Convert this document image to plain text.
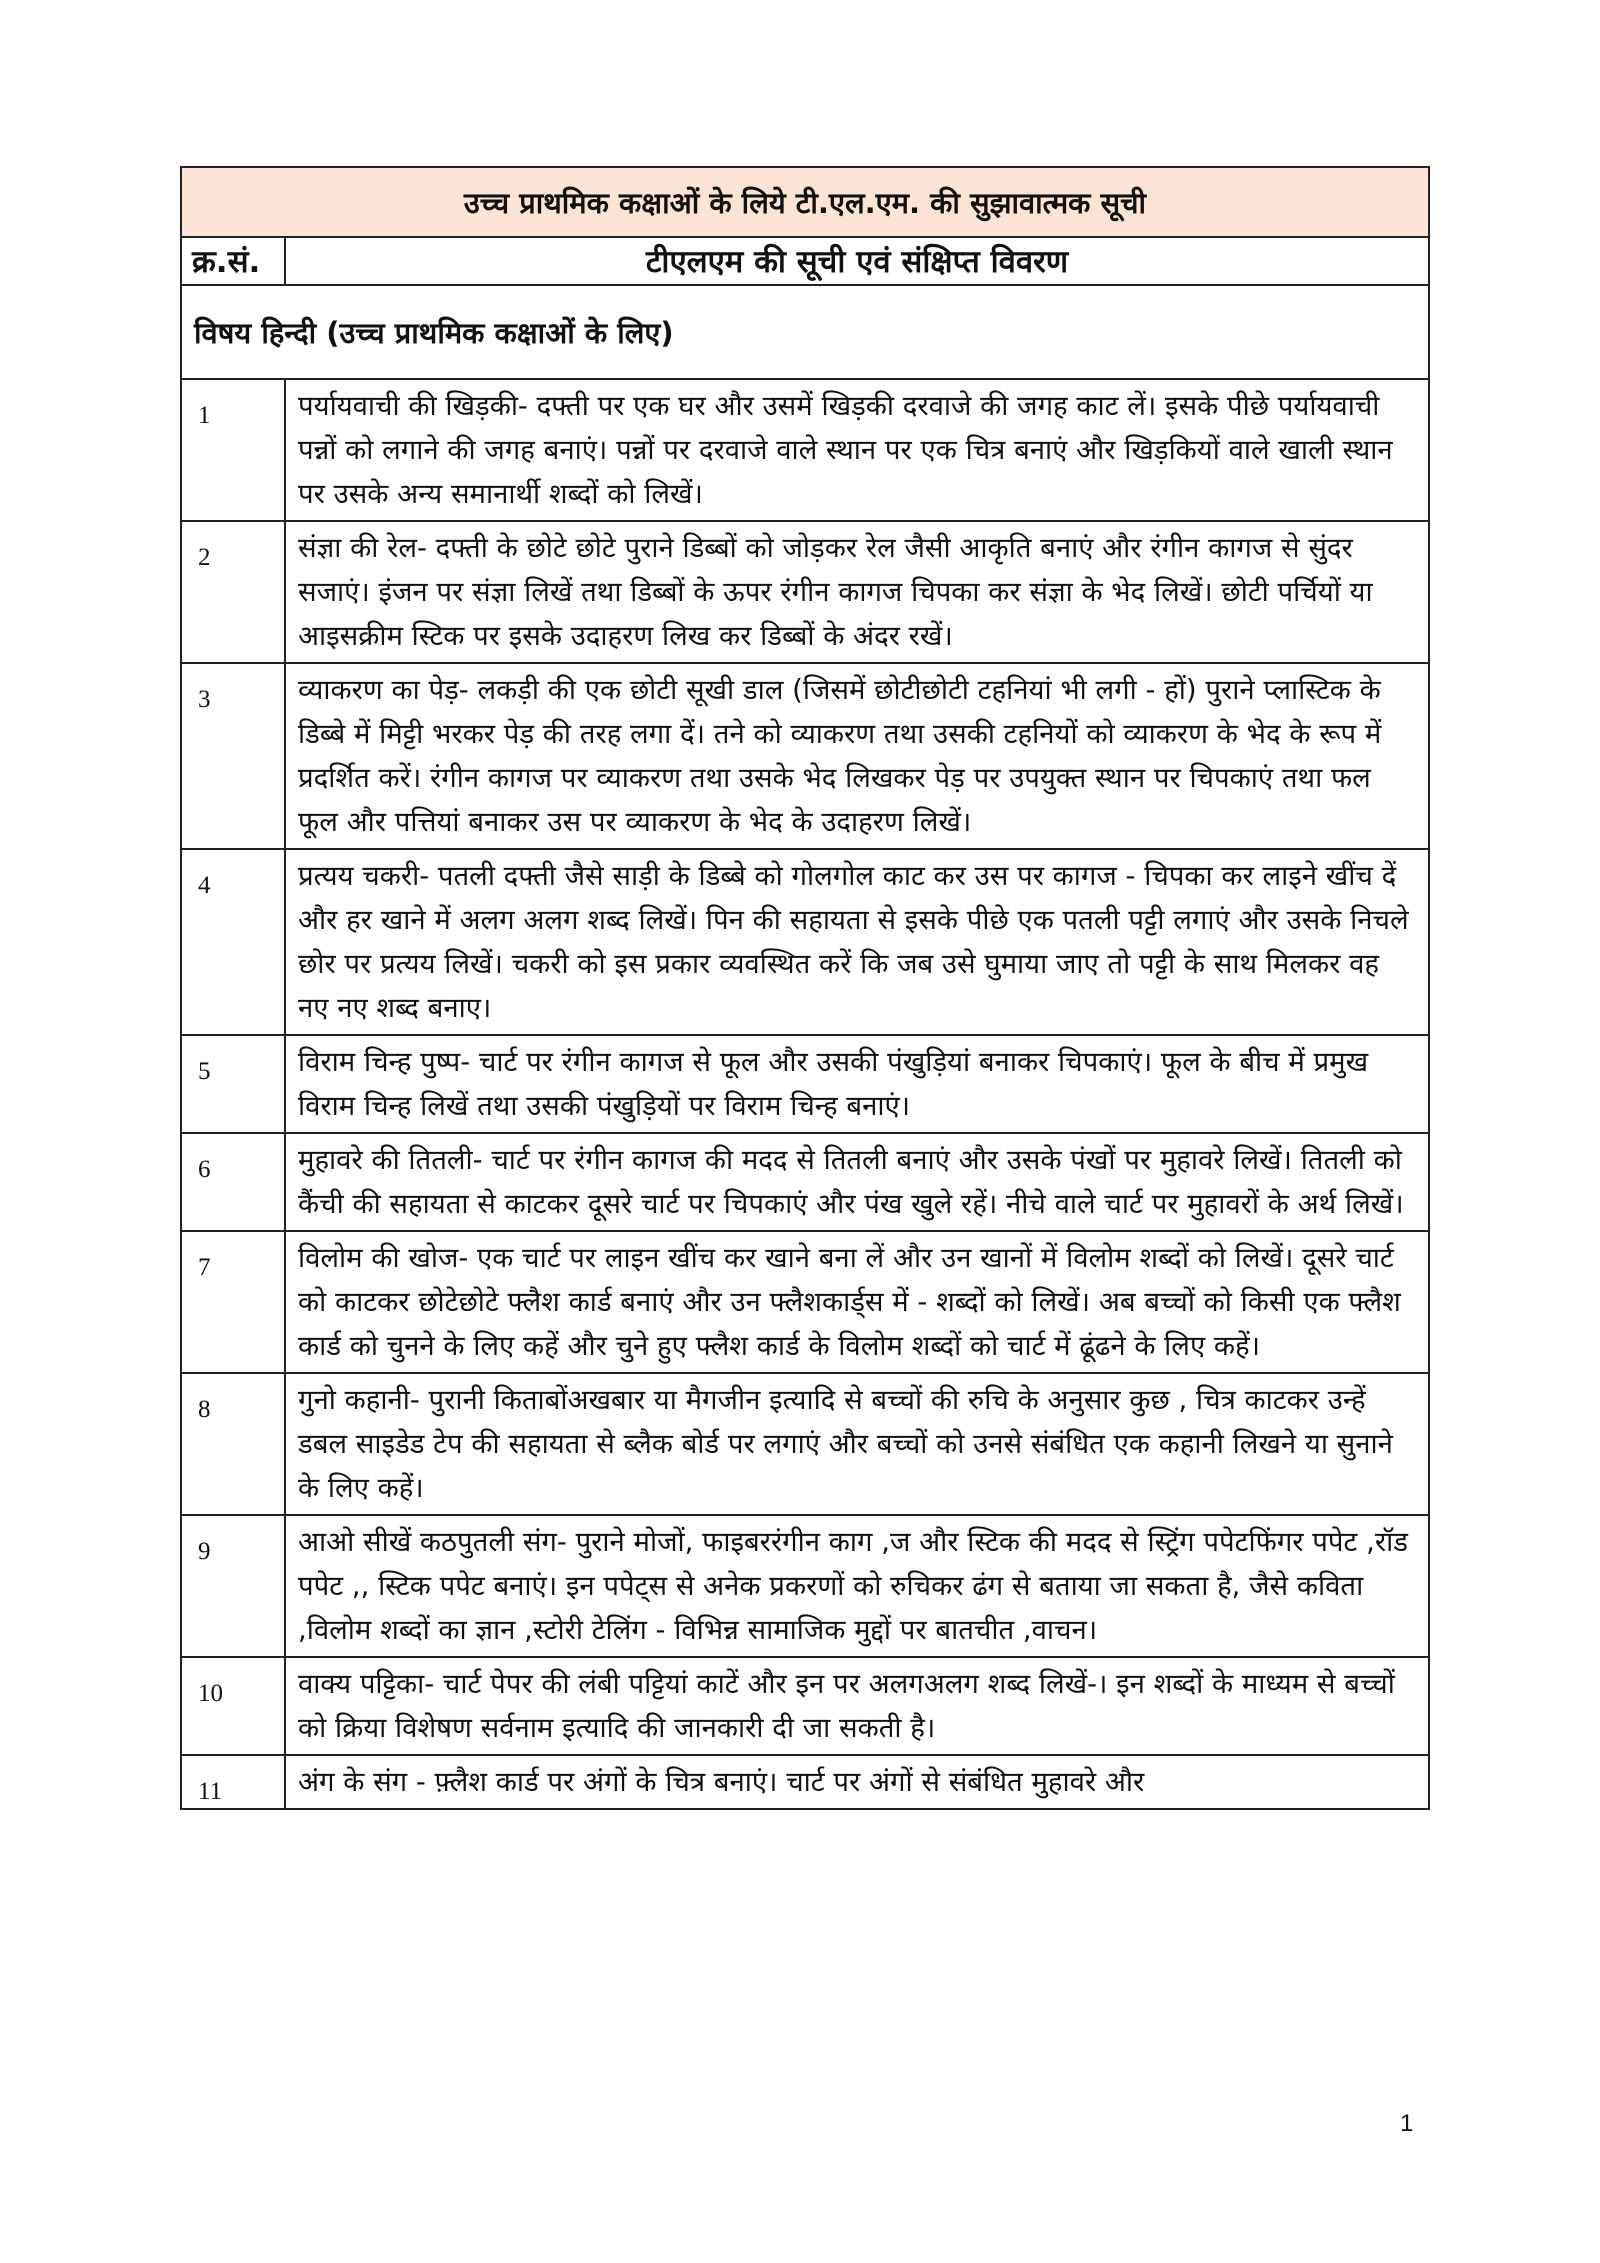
उच्च प्राथमिक कक्षाओं के लिये टी.एल.एम. की सुझावात्मक सूची	
क्र.सं.	टीएलएम की सूची एवं संक्षिप्त विवरण
विषय हिन्दी (उच्च प्राथमिक कक्षाओं के लिए)	
1	पर्यायवाची की खिड़की- दफ्ती पर एक घर और उसमें खिड़की दरवाजे की जगह काट लें। इसके पीछे पर्यायवाची पन्नों को लगाने की जगह बनाएं। पन्नों पर दरवाजे वाले स्थान पर एक चित्र बनाएं और खिड़कियों वाले खाली स्थान पर उसके अन्य समानार्थी शब्दों को लिखें।
2	संज्ञा की रेल- दफ्ती के छोटे छोटे पुराने डिब्बों को जोड़कर रेल जैसी आकृति बनाएं और रंगीन कागज से सुंदर सजाएं। इंजन पर संज्ञा लिखें तथा डिब्बों के ऊपर रंगीन कागज चिपका कर संज्ञा के भेद लिखें। छोटी पर्चियों या आइसक्रीम स्टिक पर इसके उदाहरण लिख कर डिब्बों के अंदर रखें।
3	व्याकरण का पेड़- लकड़ी की एक छोटी सूखी डाल (जिसमें छोटीछोटी टहनियां भी लगी - हों) पुराने प्लास्टिक के डिब्बे में मिट्टी भरकर पेड़ की तरह लगा दें। तने को व्याकरण तथा उसकी टहनियों को व्याकरण के भेद के रूप में प्रदर्शित करें। रंगीन कागज पर व्याकरण तथा उसके भेद लिखकर पेड़ पर उपयुक्त स्थान पर चिपकाएं तथा फल फूल और पत्तियां बनाकर उस पर व्याकरण के भेद के उदाहरण लिखें।
4	प्रत्यय चकरी- पतली दफ्ती जैसे साड़ी के डिब्बे को गोलगोल काट कर उस पर कागज - चिपका कर लाइने खींच दें और हर खाने में अलग अलग शब्द लिखें। पिन की सहायता से इसके पीछे एक पतली पट्टी लगाएं और उसके निचले छोर पर प्रत्यय लिखें। चकरी को इस प्रकार व्यवस्थित करें कि जब उसे घुमाया जाए तो पट्टी के साथ मिलकर वह नए नए शब्द बनाए।
5	विराम चिन्ह पुष्प- चार्ट पर रंगीन कागज से फूल और उसकी पंखुड़ियां बनाकर चिपकाएं। फूल के बीच में प्रमुख विराम चिन्ह लिखें तथा उसकी पंखुड़ियों पर विराम चिन्ह बनाएं।
6	मुहावरे की तितली- चार्ट पर रंगीन कागज की मदद से तितली बनाएं और उसके पंखों पर मुहावरे लिखें। तितली को कैंची की सहायता से काटकर दूसरे चार्ट पर चिपकाएं और पंख खुले रहें। नीचे वाले चार्ट पर मुहावरों के अर्थ लिखें।
7	विलोम की खोज- एक चार्ट पर लाइन खींच कर खाने बना लें और उन खानों में विलोम शब्दों को लिखें। दूसरे चार्ट को काटकर छोटेछोटे फ्लैश कार्ड बनाएं और उन फ्लैशकार्ड्स में - शब्दों को लिखें। अब बच्चों को किसी एक फ्लैश कार्ड को चुनने के लिए कहें और चुने हुए फ्लैश कार्ड के विलोम शब्दों को चार्ट में ढूंढने के लिए कहें।
8	गुनो कहानी- पुरानी किताबोंअखबार या मैगजीन इत्यादि से बच्चों की रुचि के अनुसार कुछ , चित्र काटकर उन्हें डबल साइडेड टेप की सहायता से ब्लैक बोर्ड पर लगाएं और बच्चों को उनसे संबंधित एक कहानी लिखने या सुनाने के लिए कहें।
9	आओ सीखें कठपुतली संग- पुराने मोजों, फाइबररंगीन काग ,ज और स्टिक की मदद से स्ट्रिंग पपेटफिंगर पपेट ,रॉड पपेट ,, स्टिक पपेट बनाएं। इन पपेट्स से अनेक प्रकरणों को रुचिकर ढंग से बताया जा सकता है, जैसे कविता ,विलोम शब्दों का ज्ञान ,स्टोरी टेलिंग - विभिन्न सामाजिक मुद्दों पर बातचीत ,वाचन।
10	वाक्य पट्टिका- चार्ट पेपर की लंबी पट्टियां काटें और इन पर अलगअलग शब्द लिखें-। इन शब्दों के माध्यम से बच्चों को क्रिया विशेषण सर्वनाम इत्यादि की जानकारी दी जा सकती है।
11	अंग के संग - फ़्लैश कार्ड पर अंगों के चित्र बनाएं। चार्ट पर अंगों से संबंधित मुहावरे और
1
